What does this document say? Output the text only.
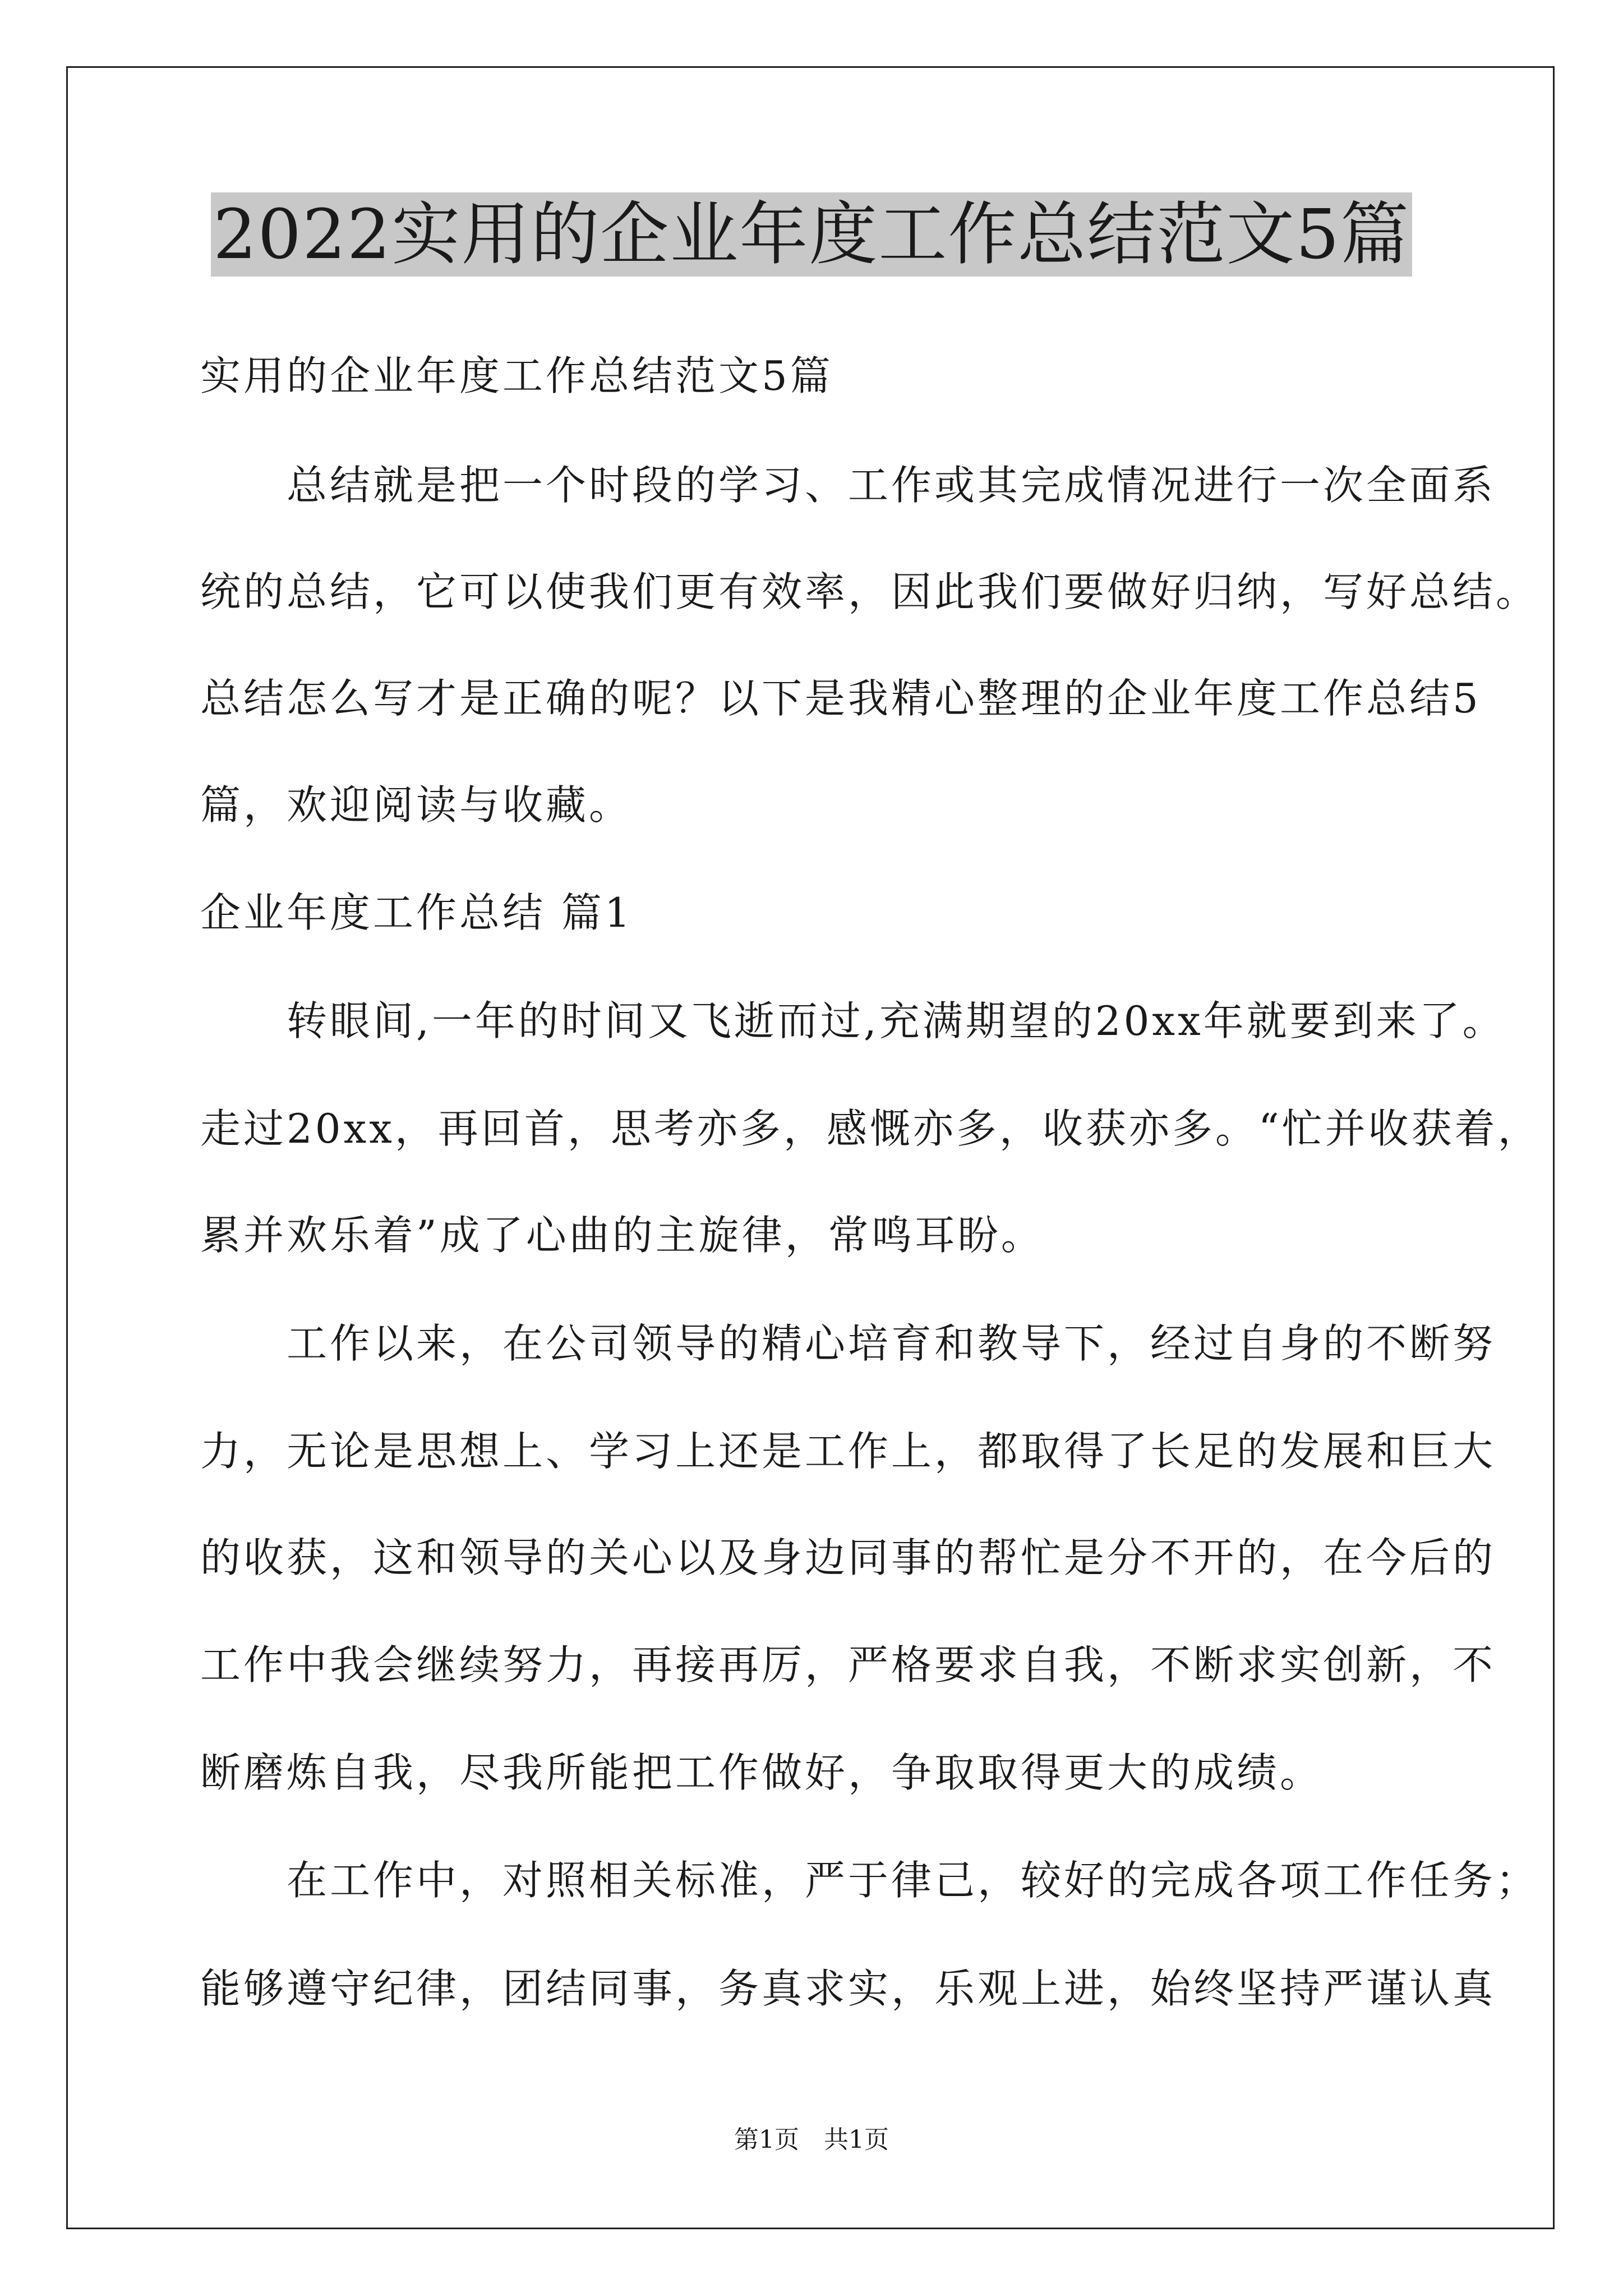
2022实用的企业年度工作总结范文5篇
实用的企业年度工作总结范文5篇
　　总结就是把一个时段的学习、工作或其完成情况进行一次全面系
统的总结，它可以使我们更有效率，因此我们要做好归纳，写好总结。
总结怎么写才是正确的呢？以下是我精心整理的企业年度工作总结5
篇，欢迎阅读与收藏。
企业年度工作总结 篇1
　　转眼间,一年的时间又飞逝而过,充满期望的20xx年就要到来了。
走过20xx，再回首，思考亦多，感慨亦多，收获亦多。“忙并收获着，
累并欢乐着”成了心曲的主旋律，常鸣耳盼。
　　工作以来，在公司领导的精心培育和教导下，经过自身的不断努
力，无论是思想上、学习上还是工作上，都取得了长足的发展和巨大
的收获，这和领导的关心以及身边同事的帮忙是分不开的，在今后的
工作中我会继续努力，再接再厉，严格要求自我，不断求实创新，不
断磨炼自我，尽我所能把工作做好，争取取得更大的成绩。
　　在工作中，对照相关标准，严于律己，较好的完成各项工作任务；
能够遵守纪律，团结同事，务真求实，乐观上进，始终坚持严谨认真
第1页　共1页
